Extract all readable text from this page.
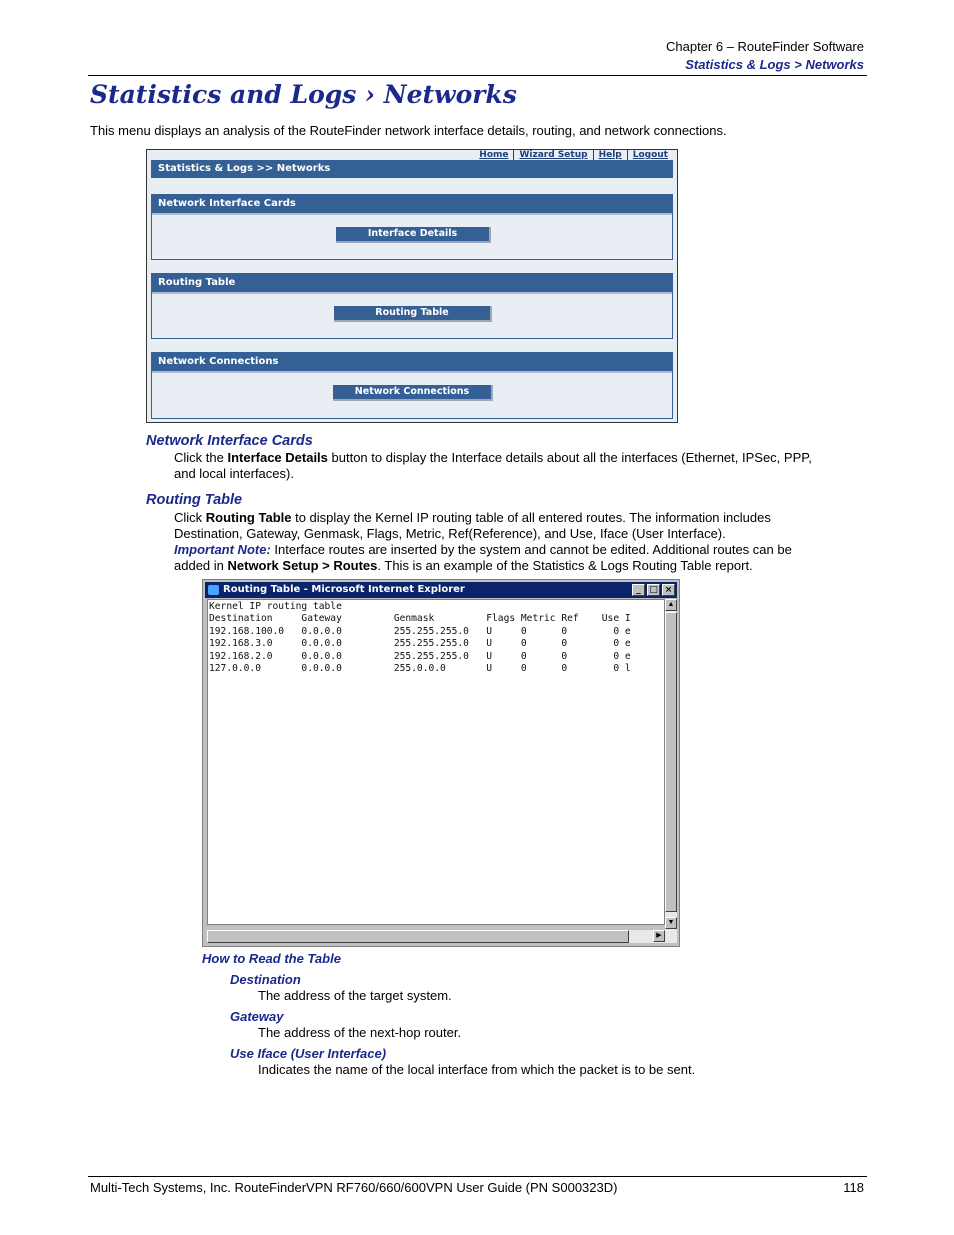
Chapter 6 – RouteFinder Software
Statistics & Logs > Networks
Statistics and Logs › Networks
This menu displays an analysis of the RouteFinder network interface details, routing, and network connections.
Home	Wizard Setup	Help	Logout
Statistics & Logs >> Networks
Network Interface Cards
Interface Details
Routing Table
Routing Table
Network Connections
Network Connections
Network Interface Cards
Click the Interface Details button to display the Interface details about all the interfaces (Ethernet, IPSec, PPP,
and local interfaces).
Routing Table
Click Routing Table to display the Kernel IP routing table of all entered routes. The information includes
Destination, Gateway, Genmask, Flags, Metric, Ref(Reference), and Use, Iface (User Interface).
Important Note: Interface routes are inserted by the system and cannot be edited. Additional routes can be
added in Network Setup > Routes. This is an example of the Statistics & Logs Routing Table report.
Routing Table - Microsoft Internet Explorer	_ □ ×
Kernel IP routing table
Destination     Gateway         Genmask         Flags Metric Ref    Use I
192.168.100.0   0.0.0.0         255.255.255.0   U     0      0        0 e
192.168.3.0     0.0.0.0         255.255.255.0   U     0      0        0 e
192.168.2.0     0.0.0.0         255.255.255.0   U     0      0        0 e
127.0.0.0       0.0.0.0         255.0.0.0       U     0      0        0 l
▲
▼
▶
How to Read the Table
Destination
The address of the target system.
Gateway
The address of the next-hop router.
Use Iface (User Interface)
Indicates the name of the local interface from which the packet is to be sent.
Multi-Tech Systems, Inc. RouteFinderVPN RF760/660/600VPN User Guide (PN S000323D)	118
